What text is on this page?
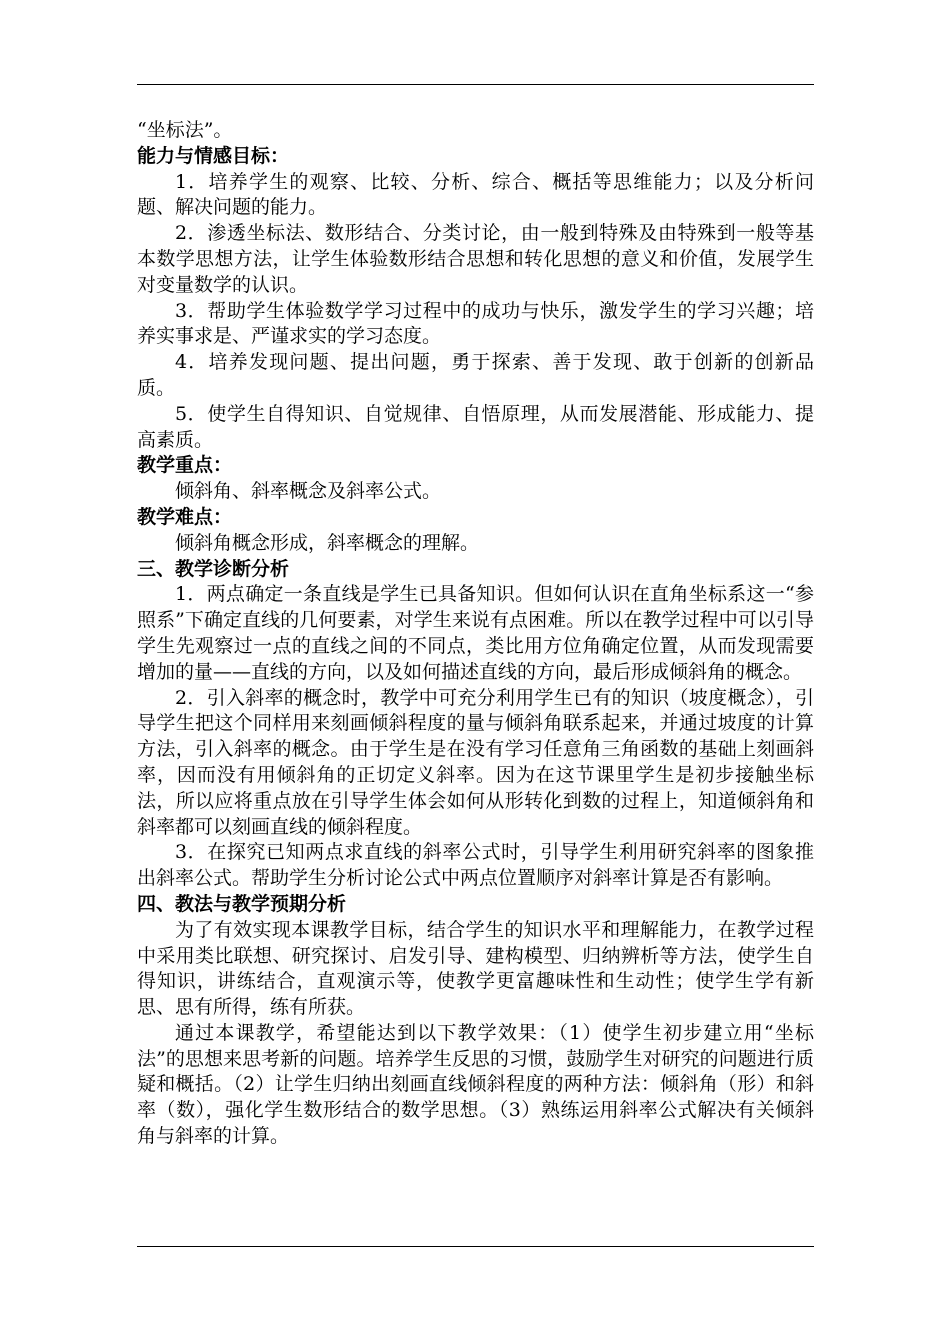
“坐标法”。

能力与情感目标：

1．培养学生的观察、比较、分析、综合、概括等思维能力；以及分析问题、解决问题的能力。

2．渗透坐标法、数形结合、分类讨论，由一般到特殊及由特殊到一般等基本数学思想方法，让学生体验数形结合思想和转化思想的意义和价值，发展学生对变量数学的认识。

3．帮助学生体验数学学习过程中的成功与快乐，激发学生的学习兴趣；培养实事求是、严谨求实的学习态度。

4．培养发现问题、提出问题，勇于探索、善于发现、敢于创新的创新品质。

5．使学生自得知识、自觉规律、自悟原理，从而发展潜能、形成能力、提高素质。

教学重点：

倾斜角、斜率概念及斜率公式。

教学难点：

倾斜角概念形成，斜率概念的理解。

三、教学诊断分析

1．两点确定一条直线是学生已具备知识。但如何认识在直角坐标系这一“参照系”下确定直线的几何要素，对学生来说有点困难。所以在教学过程中可以引导学生先观察过一点的直线之间的不同点，类比用方位角确定位置，从而发现需要增加的量——直线的方向，以及如何描述直线的方向，最后形成倾斜角的概念。

2．引入斜率的概念时，教学中可充分利用学生已有的知识（坡度概念），引导学生把这个同样用来刻画倾斜程度的量与倾斜角联系起来，并通过坡度的计算方法，引入斜率的概念。由于学生是在没有学习任意角三角函数的基础上刻画斜率，因而没有用倾斜角的正切定义斜率。因为在这节课里学生是初步接触坐标法，所以应将重点放在引导学生体会如何从形转化到数的过程上，知道倾斜角和斜率都可以刻画直线的倾斜程度。

3．在探究已知两点求直线的斜率公式时，引导学生利用研究斜率的图象推出斜率公式。帮助学生分析讨论公式中两点位置顺序对斜率计算是否有影响。

四、教法与教学预期分析

为了有效实现本课教学目标，结合学生的知识水平和理解能力，在教学过程中采用类比联想、研究探讨、启发引导、建构模型、归纳辨析等方法，使学生自得知识，讲练结合，直观演示等，使教学更富趣味性和生动性；使学生学有新思、思有所得，练有所获。

通过本课教学，希望能达到以下教学效果：（1）使学生初步建立用“坐标法”的思想来思考新的问题。培养学生反思的习惯，鼓励学生对研究的问题进行质疑和概括。（2）让学生归纳出刻画直线倾斜程度的两种方法：倾斜角（形）和斜率（数），强化学生数形结合的数学思想。（3）熟练运用斜率公式解决有关倾斜角与斜率的计算。
